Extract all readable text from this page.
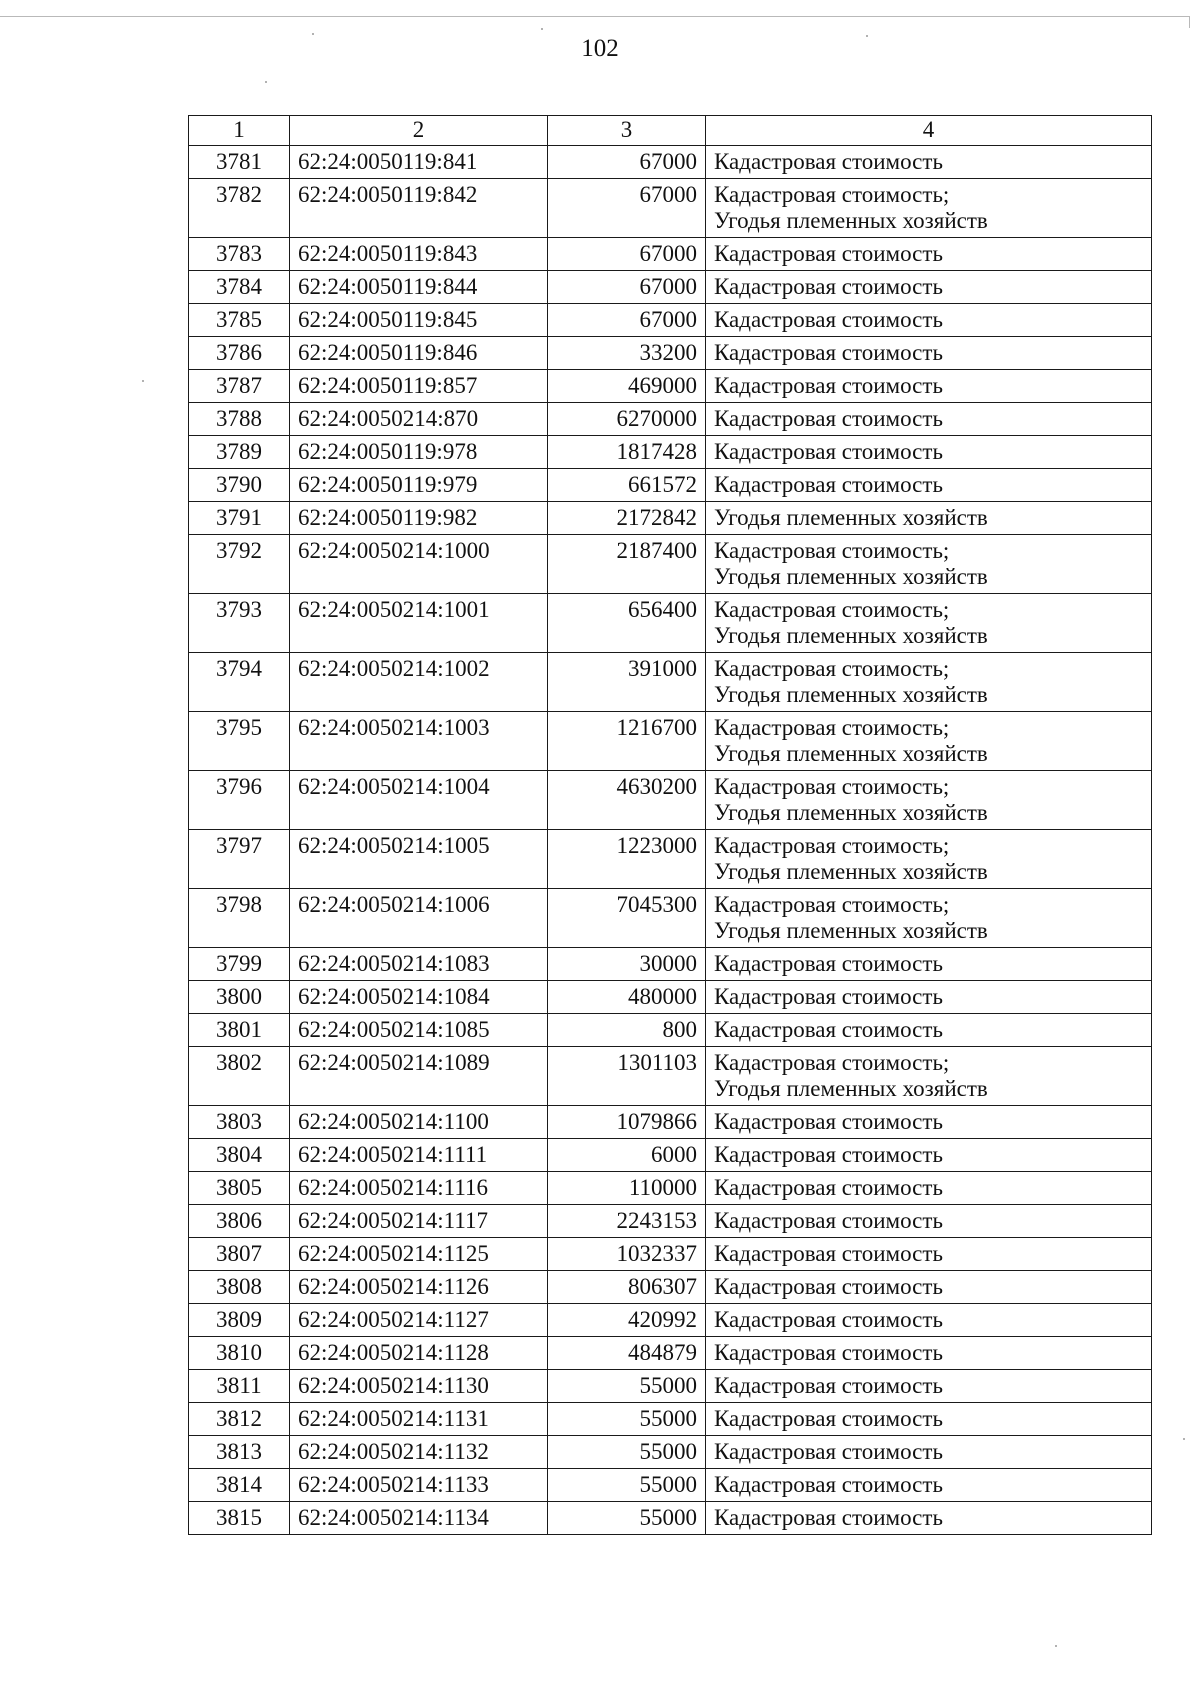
102
1	2	3	4
3781	62:24:0050119:841	67000	Кадастровая стоимость

3782	62:24:0050119:842	67000	Кадастровая стоимость;
Угодья племенных хозяйств

3783	62:24:0050119:843	67000	Кадастровая стоимость

3784	62:24:0050119:844	67000	Кадастровая стоимость

3785	62:24:0050119:845	67000	Кадастровая стоимость

3786	62:24:0050119:846	33200	Кадастровая стоимость

3787	62:24:0050119:857	469000	Кадастровая стоимость

3788	62:24:0050214:870	6270000	Кадастровая стоимость

3789	62:24:0050119:978	1817428	Кадастровая стоимость

3790	62:24:0050119:979	661572	Кадастровая стоимость

3791	62:24:0050119:982	2172842	Угодья племенных хозяйств

3792	62:24:0050214:1000	2187400	Кадастровая стоимость;
Угодья племенных хозяйств

3793	62:24:0050214:1001	656400	Кадастровая стоимость;
Угодья племенных хозяйств

3794	62:24:0050214:1002	391000	Кадастровая стоимость;
Угодья племенных хозяйств

3795	62:24:0050214:1003	1216700	Кадастровая стоимость;
Угодья племенных хозяйств

3796	62:24:0050214:1004	4630200	Кадастровая стоимость;
Угодья племенных хозяйств

3797	62:24:0050214:1005	1223000	Кадастровая стоимость;
Угодья племенных хозяйств

3798	62:24:0050214:1006	7045300	Кадастровая стоимость;
Угодья племенных хозяйств

3799	62:24:0050214:1083	30000	Кадастровая стоимость

3800	62:24:0050214:1084	480000	Кадастровая стоимость

3801	62:24:0050214:1085	800	Кадастровая стоимость

3802	62:24:0050214:1089	1301103	Кадастровая стоимость;
Угодья племенных хозяйств

3803	62:24:0050214:1100	1079866	Кадастровая стоимость

3804	62:24:0050214:1111	6000	Кадастровая стоимость

3805	62:24:0050214:1116	110000	Кадастровая стоимость

3806	62:24:0050214:1117	2243153	Кадастровая стоимость

3807	62:24:0050214:1125	1032337	Кадастровая стоимость

3808	62:24:0050214:1126	806307	Кадастровая стоимость

3809	62:24:0050214:1127	420992	Кадастровая стоимость

3810	62:24:0050214:1128	484879	Кадастровая стоимость

3811	62:24:0050214:1130	55000	Кадастровая стоимость

3812	62:24:0050214:1131	55000	Кадастровая стоимость

3813	62:24:0050214:1132	55000	Кадастровая стоимость

3814	62:24:0050214:1133	55000	Кадастровая стоимость

3815	62:24:0050214:1134	55000	Кадастровая стоимость
